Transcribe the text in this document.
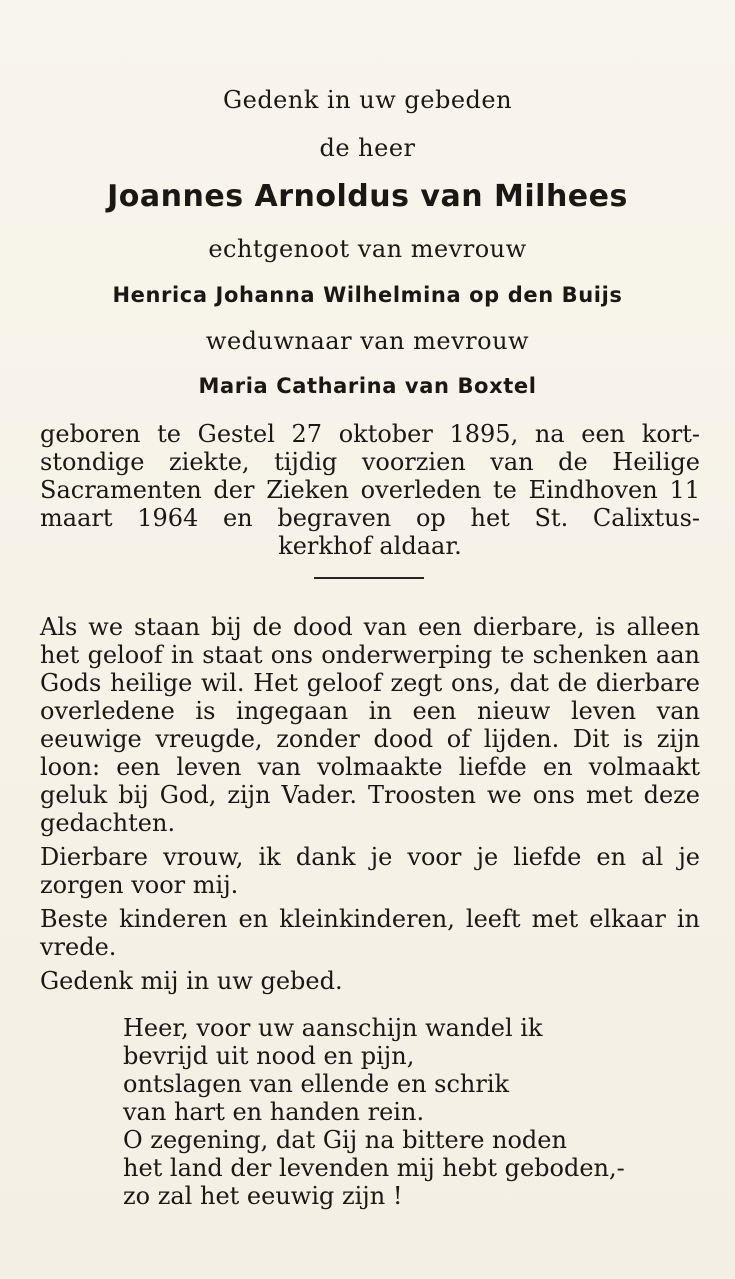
Gedenk in uw gebeden
de heer
Joannes Arnoldus van Milhees
echtgenoot van mevrouw
Henrica Johanna Wilhelmina op den Buijs
weduwnaar van mevrouw
Maria Catharina van Boxtel
geboren te Gestel 27 oktober 1895, na een kort-stondige ziekte, tijdig voorzien van de Heilige Sacramenten der Zieken overleden te Eindhoven 11 maart 1964 en begraven op het St. Calixtus-
kerkhof aldaar.

Als we staan bij de dood van een dierbare, is alleen het geloof in staat ons onderwerping te schenken aan Gods heilige wil. Het geloof zegt ons, dat de dierbare overledene is ingegaan in een nieuw leven van eeuwige vreugde, zonder dood of lijden. Dit is zijn loon: een leven van volmaakte liefde en volmaakt geluk bij God, zijn Vader. Troosten we ons met deze gedachten.

Dierbare vrouw, ik dank je voor je liefde en al je zorgen voor mij.

Beste kinderen en kleinkinderen, leeft met elkaar in vrede.

Gedenk mij in uw gebed.

Heer, voor uw aanschijn wandel ik
bevrijd uit nood en pijn,
ontslagen van ellende en schrik
van hart en handen rein.
O zegening, dat Gij na bittere noden
het land der levenden mij hebt geboden,-
zo zal het eeuwig zijn !
